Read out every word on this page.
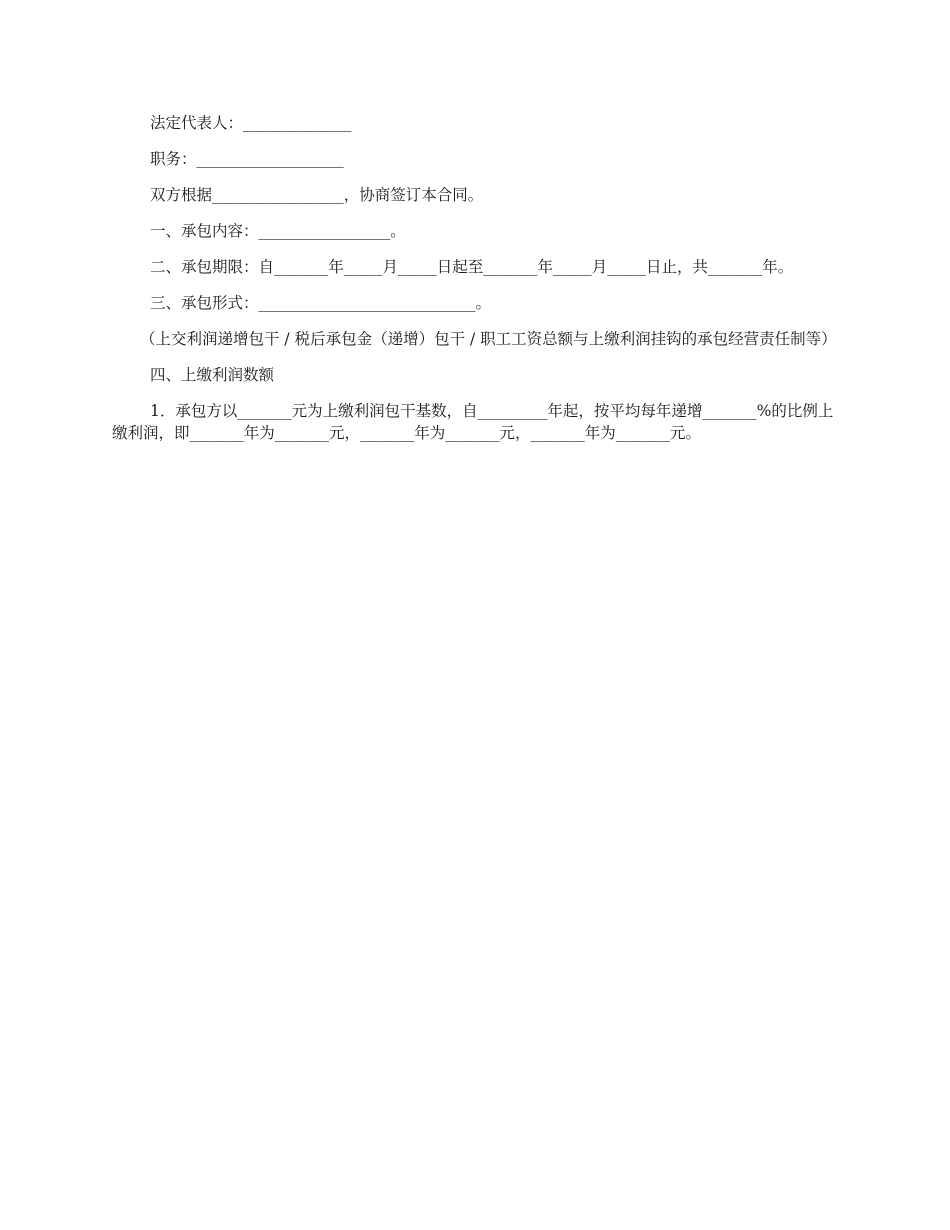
法定代表人：______________

职务：___________________

双方根据_________________，协商签订本合同。

一、承包内容：_________________。

二、承包期限：自_______年_____月_____日起至_______年_____月_____日止，共_______年。

三、承包形式：____________________________。

（上交利润递增包干 / 税后承包金（递增）包干 / 职工工资总额与上缴利润挂钩的承包经营责任制等）

四、上缴利润数额

1．承包方以_______元为上缴利润包干基数，自_________年起，按平均每年递增_______%的比例上缴利润，即_______年为_______元，_______年为_______元，_______年为_______元。
